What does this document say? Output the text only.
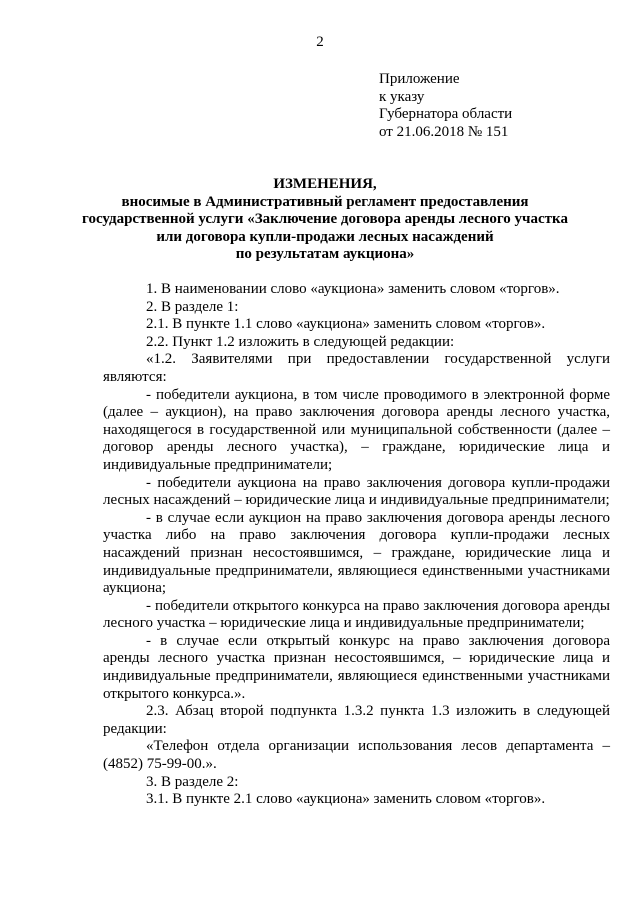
2
Приложение
к указу
Губернатора области
от 21.06.2018 № 151
ИЗМЕНЕНИЯ,
вносимые в Административный регламент предоставления
государственной услуги «Заключение договора аренды лесного участка
или договора купли-продажи лесных насаждений
по результатам аукциона»

1. В наименовании слово «аукциона» заменить словом «торгов».

2. В разделе 1:

2.1. В пункте 1.1 слово «аукциона» заменить словом «торгов».

2.2. Пункт 1.2 изложить в следующей редакции:

«1.2. Заявителями при предоставлении государственной услуги являются:

- победители аукциона, в том числе проводимого в электронной форме (далее – аукцион), на право заключения договора аренды лесного участка, находящегося в государственной или муниципальной собственности (далее – договор аренды лесного участка), – граждане, юридические лица и индивидуальные предприниматели;

- победители аукциона на право заключения договора купли-продажи лесных насаждений – юридические лица и индивидуальные предприниматели;

- в случае если аукцион на право заключения договора аренды лесного участка либо на право заключения договора купли-продажи лесных насаждений признан несостоявшимся, – граждане, юридические лица и индивидуальные предприниматели, являющиеся единственными участниками аукциона;

- победители открытого конкурса на право заключения договора аренды лесного участка – юридические лица и индивидуальные предприниматели;

- в случае если открытый конкурс на право заключения договора аренды лесного участка признан несостоявшимся, – юридические лица и индивидуальные предприниматели, являющиеся единственными участниками открытого конкурса.».

2.3. Абзац второй подпункта 1.3.2 пункта 1.3 изложить в следующей редакции:

«Телефон отдела организации использования лесов департамента – (4852) 75-99-00.».

3. В разделе 2:

3.1. В пункте 2.1 слово «аукциона» заменить словом «торгов».
